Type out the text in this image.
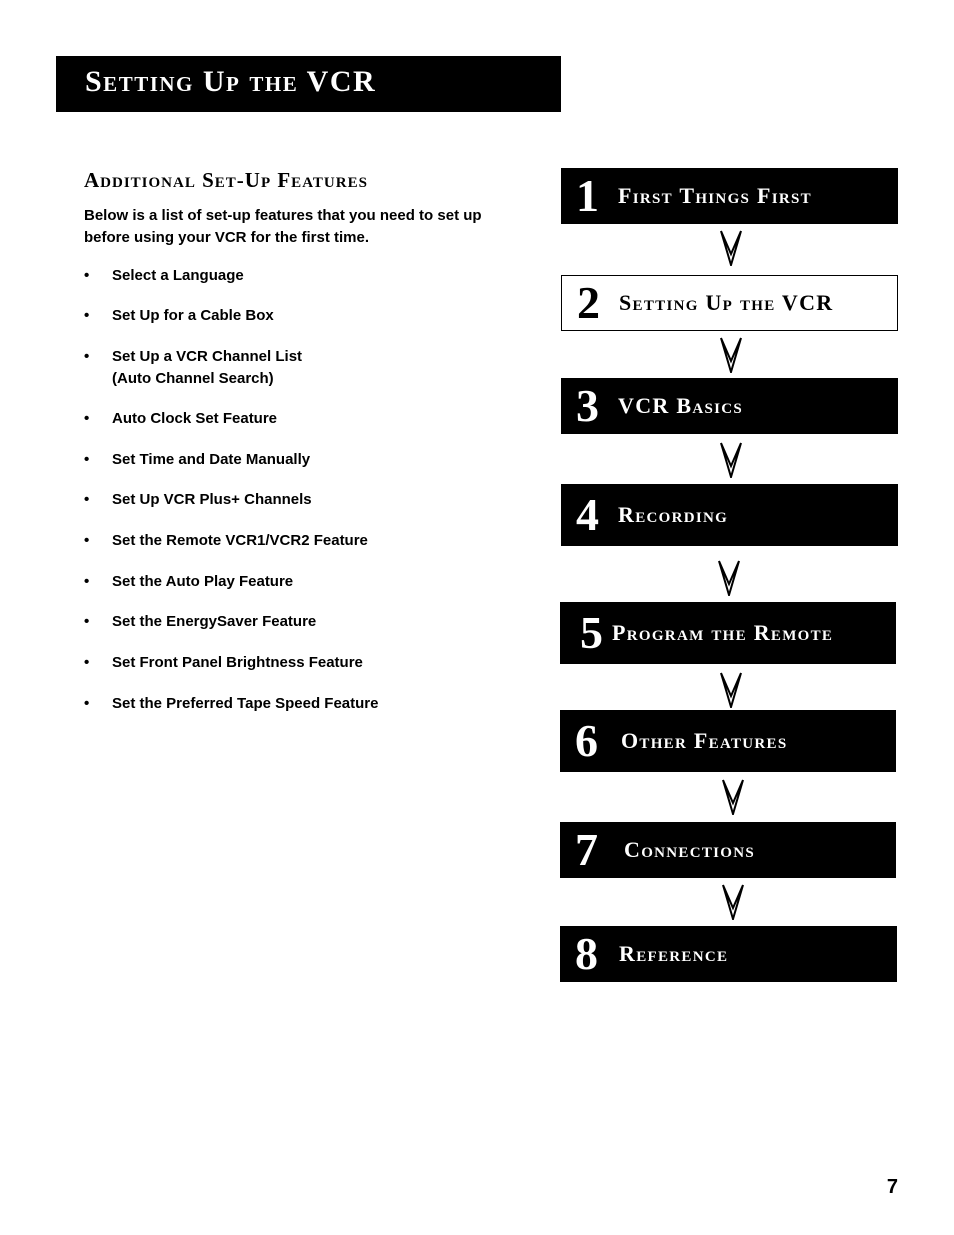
Setting Up the VCR
Additional Set-Up Features

Below is a list of set-up features that you need to set up before using your VCR for the first time.

• Select a Language
• Set Up for a Cable Box
• Set Up a VCR Channel List
(Auto Channel Search)
• Auto Clock Set Feature
• Set Time and Date Manually
• Set Up VCR Plus+ Channels
• Set the Remote VCR1/VCR2 Feature
• Set the Auto Play Feature
• Set the EnergySaver Feature
• Set Front Panel Brightness Feature
• Set the Preferred Tape Speed Feature
1 First Things First
2 Setting Up the VCR
3 VCR Basics
4 Recording
5 Program the Remote
6 Other Features
7 Connections
8 Reference
7
